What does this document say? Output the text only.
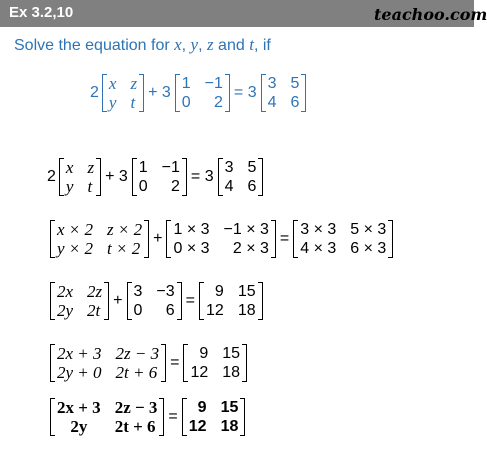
Ex 3.2,10	teachoo.com
Solve the equation for x, y, z and t, if
2 x z
y t
+ 3
1 −1
0	2
= 3
3 5
4 6
2 x z
y t
+ 3
1 −1
0	2
= 3
3 5
4 6
x × 2 z × 2
y × 2 t × 2
+
1 × 3 −1 × 3
0 × 3	2 × 3
=
3 × 3 5 × 3
4 × 3 6 × 3
2x 2z
2y 2t
+
3 −3
0	6
=
9 15
12 18
2x + 3 2z − 3
2y + 0 2t + 6
=
9 15
12 18
2x + 3 2z − 3
2y	2t + 6
=
9 15
12 18
